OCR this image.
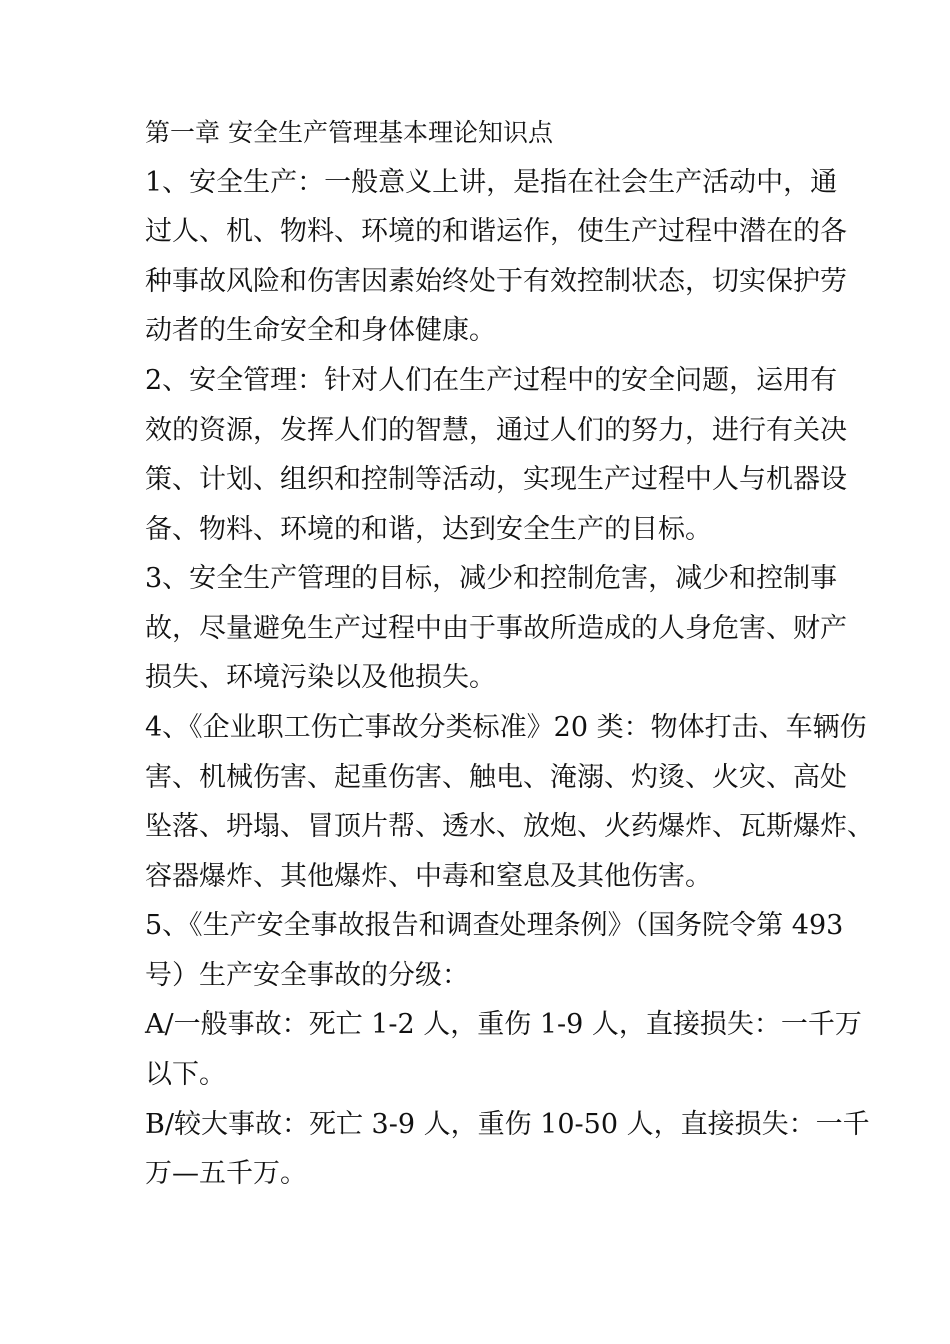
第一章 安全生产管理基本理论知识点
1、安全生产：一般意义上讲，是指在社会生产活动中，通
过人、机、物料、环境的和谐运作，使生产过程中潜在的各
种事故风险和伤害因素始终处于有效控制状态，切实保护劳
动者的生命安全和身体健康。
2、安全管理：针对人们在生产过程中的安全问题，运用有
效的资源，发挥人们的智慧，通过人们的努力，进行有关决
策、计划、组织和控制等活动，实现生产过程中人与机器设
备、物料、环境的和谐，达到安全生产的目标。
3、安全生产管理的目标，减少和控制危害，减少和控制事
故，尽量避免生产过程中由于事故所造成的人身危害、财产
损失、环境污染以及他损失。
4、《企业职工伤亡事故分类标准》20 类：物体打击、车辆伤
害、机械伤害、起重伤害、触电、淹溺、灼烫、火灾、高处
坠落、坍塌、冒顶片帮、透水、放炮、火药爆炸、瓦斯爆炸、
容器爆炸、其他爆炸、中毒和窒息及其他伤害。
5、《生产安全事故报告和调查处理条例》（国务院令第 493
号）生产安全事故的分级：
A/一般事故：死亡 1-2 人，重伤 1-9 人，直接损失：一千万
以下。
B/较大事故：死亡 3-9 人，重伤 10-50 人，直接损失：一千
万—五千万。
